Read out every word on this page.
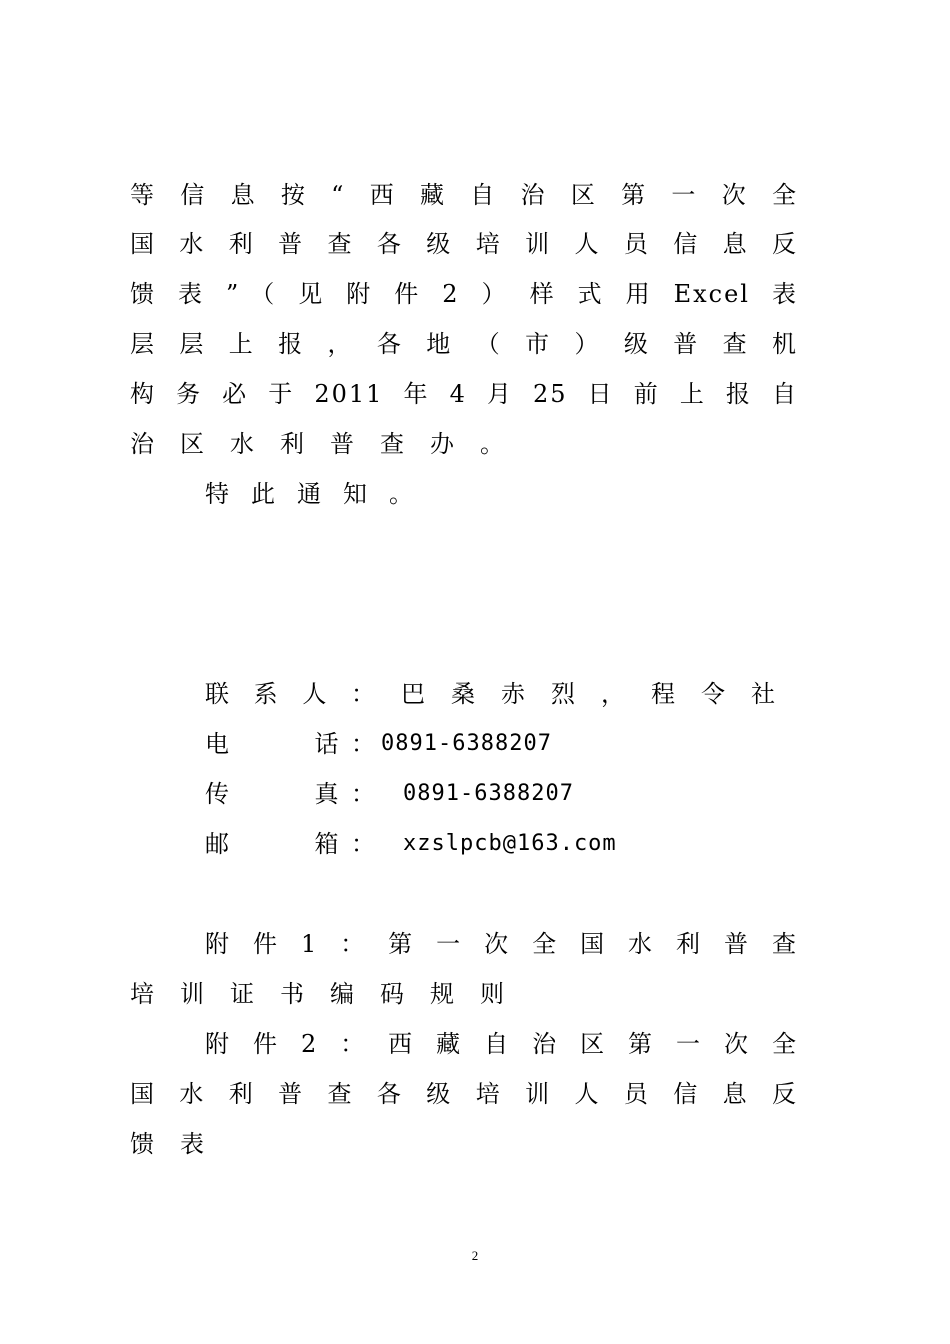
等信息按“西藏自治区第一次全
国水利普查各级培训人员信息反
馈表”（见附件2）样式用Excel表
层层上报，各地（市）级普查机
构务必于2011年4月25日前上报自
治区水利普查办。
特此通知。
联系人： 巴桑赤烈，程令社
电　　话： 0891-6388207
传　　真： 0891-6388207
邮　　箱： xzslpcb@163.com
附件1：第一次全国水利普查
培训证书编码规则
附件2：西藏自治区第一次全
国水利普查各级培训人员信息反
馈表
2
